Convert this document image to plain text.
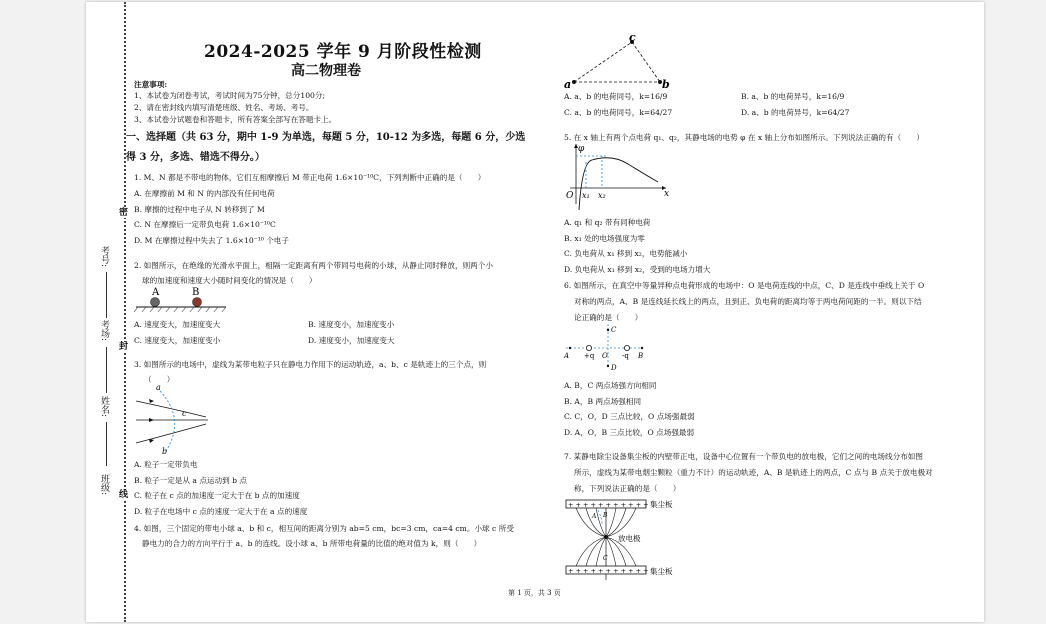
密
封
线
考号:
考场:
姓名:
班级:
2024-2025 学年 9 月阶段性检测
高二物理卷
注意事项:
1、本试卷为闭卷考试，考试时间为75分钟，总分100分;
2、请在密封线内填写清楚班级、姓名、考场、考号。
3、本试卷分试题卷和答题卡，所有答案全部写在答题卡上。
一、选择题（共 63 分，期中 1-9 为单选，每题 5 分，10-12 为多选，每题 6 分，少选
得 3 分，多选、错选不得分。）
1. M、N 都是不带电的物体，它们互相摩擦后 M 带正电荷 1.6×10⁻¹⁰C，下列判断中正确的是（　　）
A. 在摩擦前 M 和 N 的内部没有任何电荷
B. 摩擦的过程中电子从 N 转移到了 M
C. N 在摩擦后一定带负电荷 1.6×10⁻¹⁰C
D. M 在摩擦过程中失去了 1.6×10⁻¹⁰ 个电子
2. 如图所示，在绝缘的光滑水平面上，相隔一定距离有两个带同号电荷的小球，从静止同时释放，则两个小
球的加速度和速度大小随时间变化的情况是（　　）
A	B
A. 速度变大，加速度变大	B. 速度变小，加速度变小
C. 速度变大，加速度变小	D. 速度变小，加速度变大
3. 如图所示的电场中，虚线为某带电粒子只在静电力作用下的运动轨迹，a、b、c 是轨迹上的三个点，则
（　　）
a
c
b
A. 粒子一定带负电
B. 粒子一定是从 a 点运动到 b 点
C. 粒子在 c 点的加速度一定大于在 b 点的加速度
D. 粒子在电场中 c 点的速度一定大于在 a 点的速度
4. 如图，三个固定的带电小球 a、b 和 c，相互间的距离分别为 ab=5 cm，bc=3 cm，ca=4 cm。小球 c 所受
静电力的合力的方向平行于 a、b 的连线。设小球 a、b 所带电荷量的比值的绝对值为 k，则（　　）
c
a	b
A. a、b 的电荷同号，k=16/9	B. a、b 的电荷异号，k=16/9
C. a、b 的电荷同号，k=64/27	D. a、b 的电荷异号，k=64/27
5. 在 x 轴上有两个点电荷 q₁、q₂，其静电场的电势 φ 在 x 轴上分布如图所示。下列说法正确的有（　　）
φ
x
O x₁ x₂
A. q₁ 和 q₂ 带有同种电荷
B. x₁ 处的电场强度为零
C. 负电荷从 x₁ 移到 x₂，电势能减小
D. 负电荷从 x₁ 移到 x₂，受到的电场力增大
6. 如图所示，在真空中等量异种点电荷形成的电场中：O 是电荷连线的中点，C、D 是连线中垂线上关于 O
对称的两点，A、B 是连线延长线上的两点，且到正、负电荷的距离均等于两电荷间距的一半。则以下结
论正确的是（　　）
C
A +q O -q B
D
A. B，C 两点场强方向相同
B. A，B 两点场强相同
C. C，O，D 三点比较，O 点场强最弱
D. A，O，B 三点比较，O 点场强最弱
7. 某静电除尘设备集尘板的内壁带正电，设备中心位置有一个带负电的放电极，它们之间的电场线分布如图
所示，虚线为某带电烟尘颗粒（重力不计）的运动轨迹，A、B 是轨迹上的两点，C 点与 B 点关于放电极对
称，下列说法正确的是（　　）
+ + + + + + + + + + +
+ + + + + + + + + + +
集尘板
放电极
集尘板
B
A
C
第 1 页，共 3 页
